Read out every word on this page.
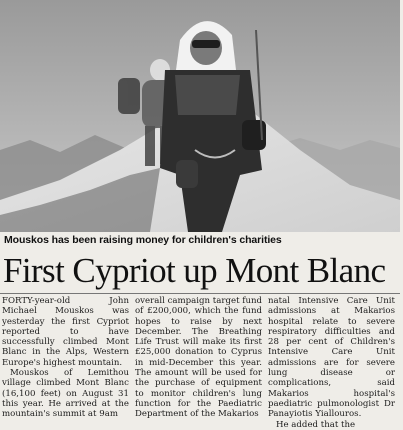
Mouskos has been raising money for children's charities
First Cypriot up Mont Blanc

FORTY-year-old John Michael Mouskos was yesterday the first Cypriot reported to have successfully climbed Mont Blanc in the Alps, Western Europe's highest mountain.

Mouskos of Lemithou village climbed Mont Blanc (16,100 feet) on August 31 this year. He arrived at the mountain's summit at 9am

overall campaign target fund of £200,000, which the fund hopes to raise by next December. The Breathing Life Trust will make its first £25,000 donation to Cyprus in mid-December this year. The amount will be used for the purchase of equipment to monitor children's lung function for the Paediatric Department of the Makarios

natal Intensive Care Unit admissions at Makarios hospital relate to severe respiratory difficulties and 28 per cent of Children's Intensive Care Unit admissions are for severe lung disease or complications, said Makarios hospital's paediatric pulmonologist Dr Panayiotis Yiallouros.

He added that the
